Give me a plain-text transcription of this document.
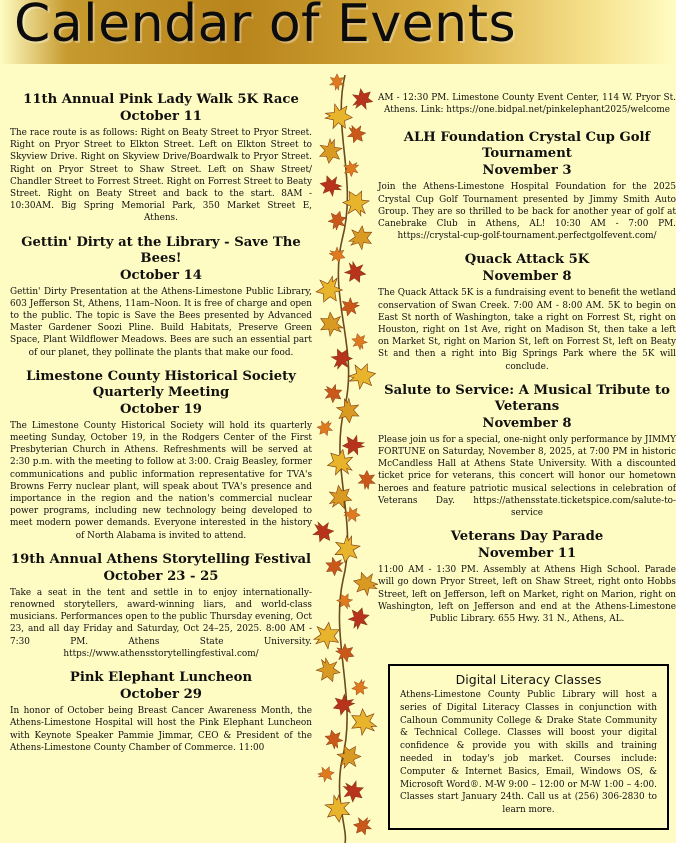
Calendar of Events

11th Annual Pink Lady Walk 5K Race

October 11

The race route is as follows: Right on Beaty Street to Pryor Street. Right on Pryor Street to Elkton Street. Left on Elkton Street to Skyview Drive. Right on Skyview Drive/Boardwalk to Pryor Street. Right on Pryor Street to Shaw Street. Left on Shaw Street/ Chandler Street to Forrest Street. Right on Forrest Street to Beaty Street. Right on Beaty Street and back to the start. 8AM - 10:30AM. Big Spring Memorial Park, 350 Market Street E, Athens.

Gettin' Dirty at the Library - Save The Bees!

October 14

Gettin' Dirty Presentation at the Athens-Limestone Public Library, 603 Jefferson St, Athens, 11am–Noon. It is free of charge and open to the public. The topic is Save the Bees presented by Advanced Master Gardener Soozi Pline. Build Habitats, Preserve Green Space, Plant Wildflower Meadows. Bees are such an essential part of our planet, they pollinate the plants that make our food.

Limestone County Historical Society Quarterly Meeting

October 19

The Limestone County Historical Society will hold its quarterly meeting Sunday, October 19, in the Rodgers Center of the First Presbyterian Church in Athens. Refreshments will be served at 2:30 p.m. with the meeting to follow at 3:00. Craig Beasley, former communications and public information representative for TVA's Browns Ferry nuclear plant, will speak about TVA's presence and importance in the region and the nation's commercial nuclear power programs, including new technology being developed to meet modern power demands. Everyone interested in the history of North Alabama is invited to attend.

19th Annual Athens Storytelling Festival

October 23 - 25

Take a seat in the tent and settle in to enjoy internationally-renowned storytellers, award-winning liars, and world-class musicians. Performances open to the public Thursday evening, Oct 23, and all day Friday and Saturday, Oct 24–25, 2025. 8:00 AM - 7:30 PM. Athens State University. https://www.athensstorytellingfestival.com/

Pink Elephant Luncheon

October 29

In honor of October being Breast Cancer Awareness Month, the Athens-Limestone Hospital will host the Pink Elephant Luncheon with Keynote Speaker Pammie Jimmar, CEO & President of the Athens-Limestone County Chamber of Commerce. 11:00

AM - 12:30 PM. Limestone County Event Center, 114 W. Pryor St. Athens. Link: https://one.bidpal.net/pinkelephant2025/welcome

ALH Foundation Crystal Cup Golf Tournament

November 3

Join the Athens-Limestone Hospital Foundation for the 2025 Crystal Cup Golf Tournament presented by Jimmy Smith Auto Group. They are so thrilled to be back for another year of golf at Canebrake Club in Athens, AL! 10:30 AM - 7:00 PM. https://crystal-cup-golf-tournament.perfectgolfevent.com/

Quack Attack 5K

November 8

The Quack Attack 5K is a fundraising event to benefit the wetland conservation of Swan Creek. 7:00 AM - 8:00 AM. 5K to begin on East St north of Washington, take a right on Forrest St, right on Houston, right on 1st Ave, right on Madison St, then take a left on Market St, right on Marion St, left on Forrest St, left on Beaty St and then a right into Big Springs Park where the 5K will conclude.

Salute to Service: A Musical Tribute to Veterans

November 8

Please join us for a special, one-night only performance by JIMMY FORTUNE on Saturday, November 8, 2025, at 7:00 PM in historic McCandless Hall at Athens State University. With a discounted ticket price for veterans, this concert will honor our hometown heroes and feature patriotic musical selections in celebration of Veterans Day. https://athensstate.ticketspice.com/salute-to-service

Veterans Day Parade

November 11

11:00 AM - 1:30 PM. Assembly at Athens High School. Parade will go down Pryor Street, left on Shaw Street, right onto Hobbs Street, left on Jefferson, left on Market, right on Marion, right on Washington, left on Jefferson and end at the Athens-Limestone Public Library. 655 Hwy. 31 N., Athens, AL.

Digital Literacy Classes

Athens-Limestone County Public Library will host a series of Digital Literacy Classes in conjunction with Calhoun Community College & Drake State Community & Technical College. Classes will boost your digital confidence & provide you with skills and training needed in today's job market. Courses include: Computer & Internet Basics, Email, Windows OS, & Microsoft Word®. M-W 9:00 – 12:00 or M-W 1:00 – 4:00. Classes start January 24th. Call us at (256) 306-2830 to learn more.
